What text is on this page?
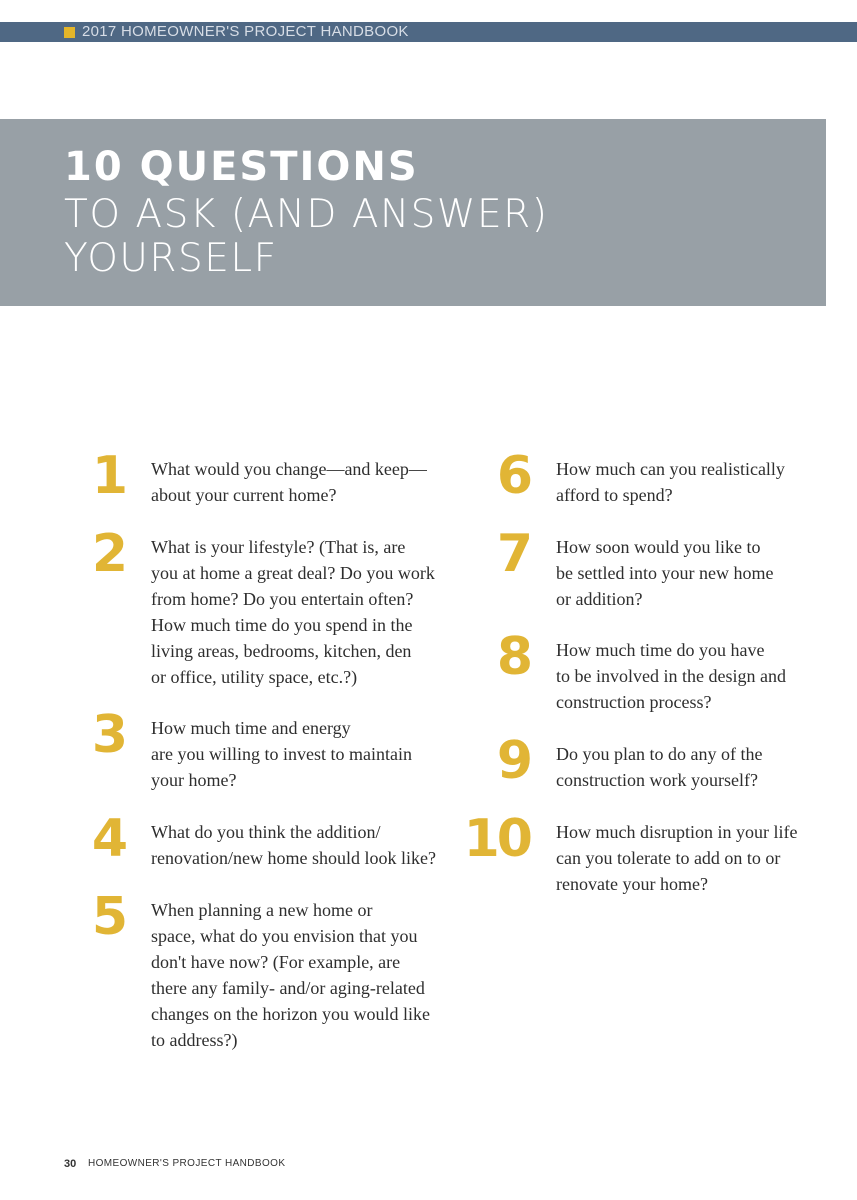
2017 HOMEOWNER'S PROJECT HANDBOOK
10 QUESTIONS
TO ASK (AND ANSWER)
YOURSELF
1 What would you change—and keep—
about your current home?
2 What is your lifestyle? (That is, are
you at home a great deal? Do you work
from home? Do you entertain often?
How much time do you spend in the
living areas, bedrooms, kitchen, den
or office, utility space, etc.?)
3 How much time and energy
are you willing to invest to maintain
your home?
4 What do you think the addition/
renovation/new home should look like?
5 When planning a new home or
space, what do you envision that you
don't have now? (For example, are
there any family- and/or aging-related
changes on the horizon you would like
to address?)
6 How much can you realistically
afford to spend?
7 How soon would you like to
be settled into your new home
or addition?
8 How much time do you have
to be involved in the design and
construction process?
9 Do you plan to do any of the
construction work yourself?
10 How much disruption in your life
can you tolerate to add on to or
renovate your home?
30 HOMEOWNER'S PROJECT HANDBOOK
